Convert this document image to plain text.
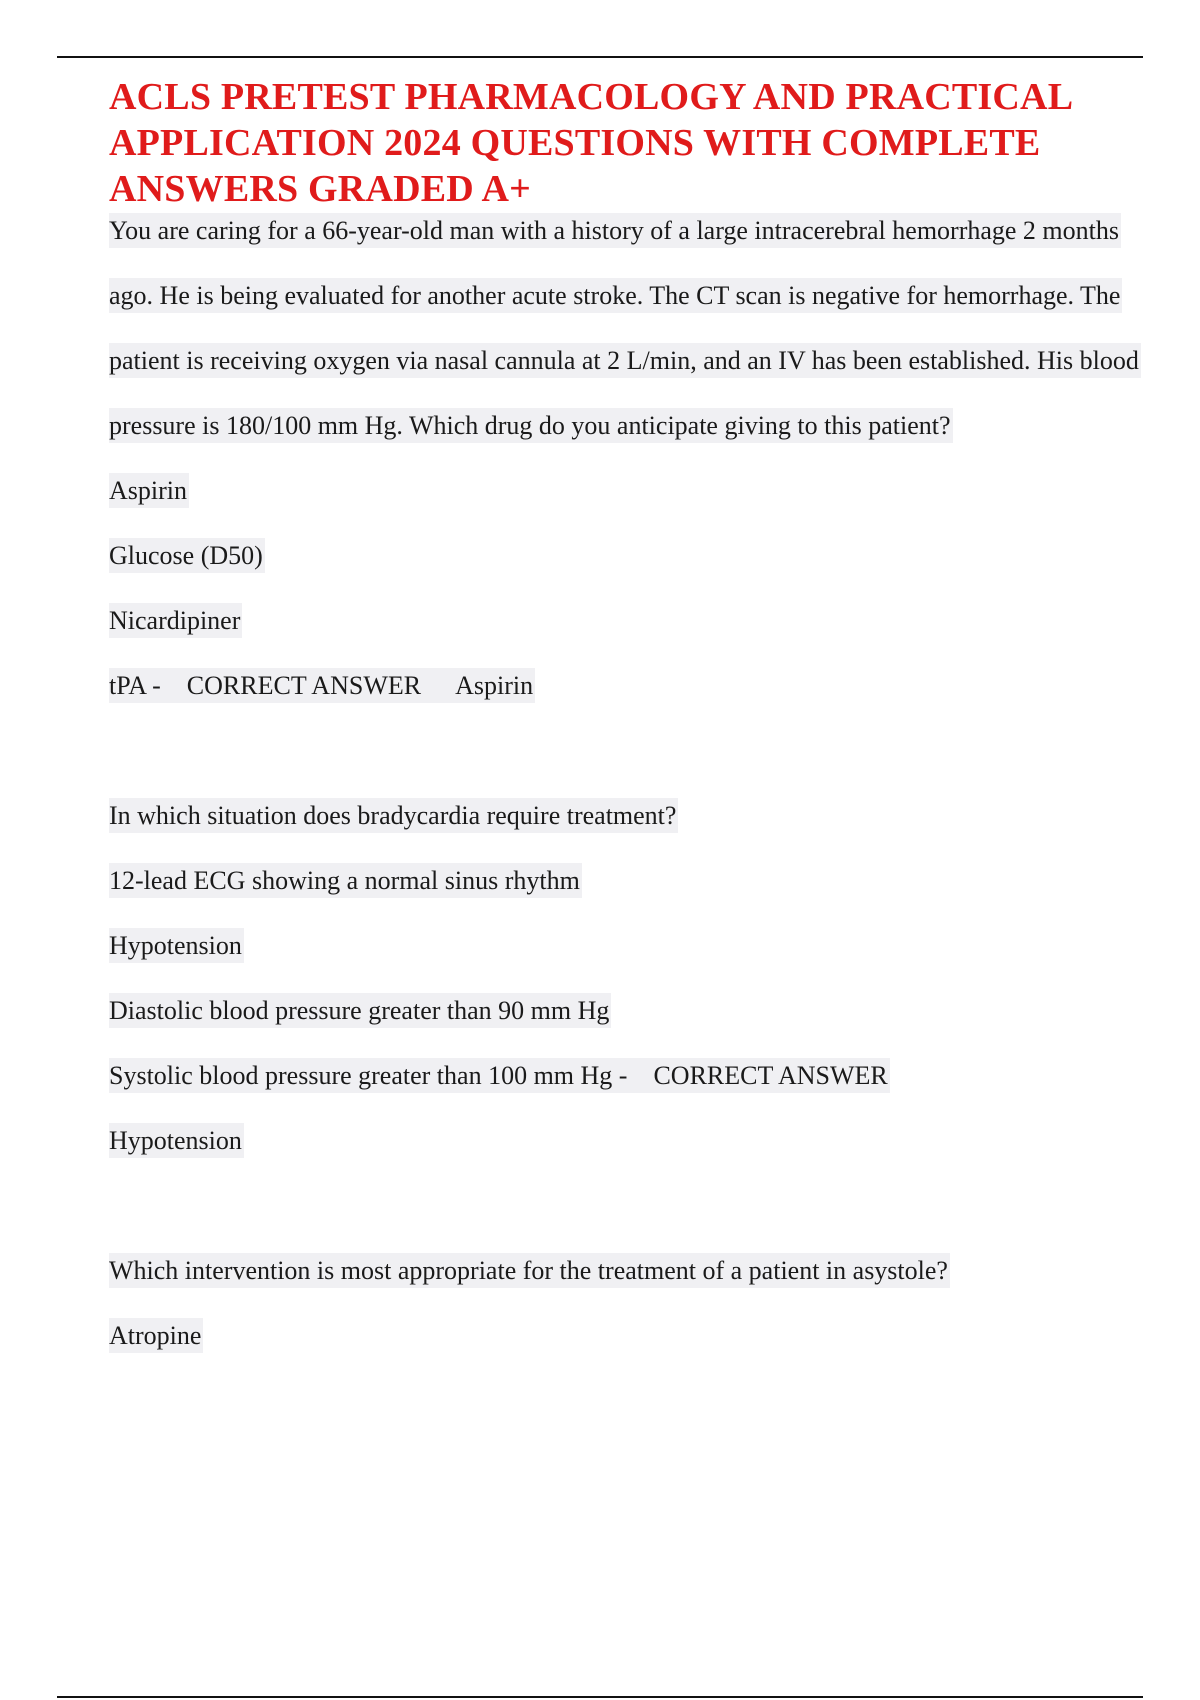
ACLS PRETEST PHARMACOLOGY AND PRACTICAL APPLICATION 2024 QUESTIONS WITH COMPLETE ANSWERS GRADED A+

You are caring for a 66-year-old man with a history of a large intracerebral hemorrhage 2 months ago. He is being evaluated for another acute stroke. The CT scan is negative for hemorrhage. The patient is receiving oxygen via nasal cannula at 2 L/min, and an IV has been established. His blood pressure is 180/100 mm Hg. Which drug do you anticipate giving to this patient?

Aspirin
Glucose (D50)
Nicardipiner
tPA - CORRECT ANSWER Aspirin
In which situation does bradycardia require treatment?
12-lead ECG showing a normal sinus rhythm
Hypotension
Diastolic blood pressure greater than 90 mm Hg
Systolic blood pressure greater than 100 mm Hg - CORRECT ANSWER
Hypotension
Which intervention is most appropriate for the treatment of a patient in asystole?
Atropine
